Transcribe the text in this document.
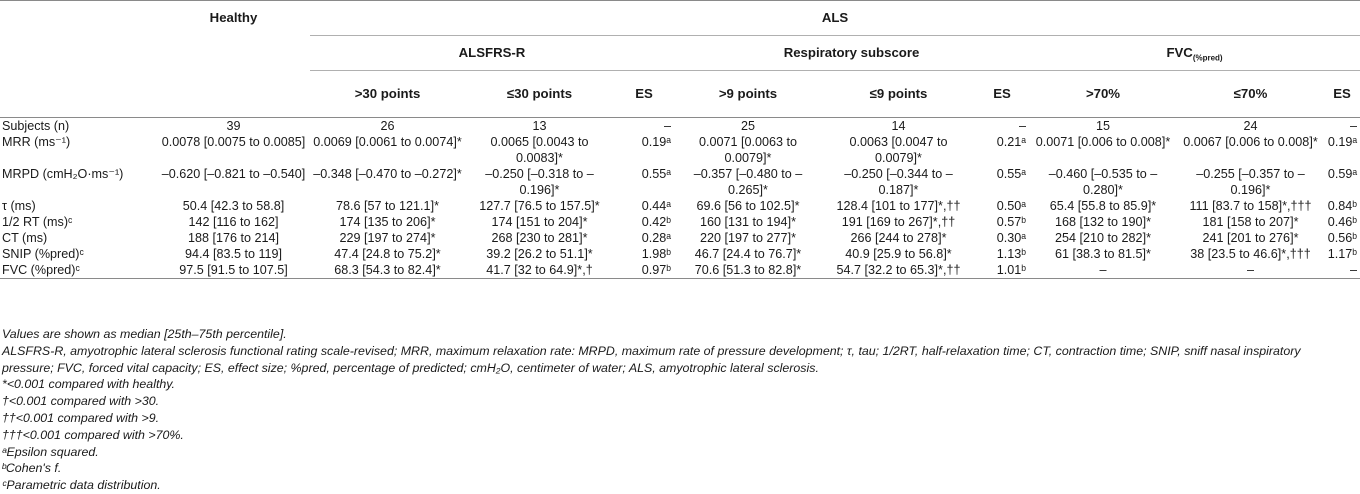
	Healthy	ALS								
		ALSFRS-R			Respiratory subscore			$FVC_{(\%pred)}$
		>30 points	≤30 points	ES	>9 points	≤9 points	ES	>70%	≤70%	ES
Subjects (n)	39	26	13	–	25	14	–	15	24	–
MRR (ms⁻¹)	0.0078 [0.0075 to 0.0085]	0.0069 [0.0061 to 0.0074]*	0.0065 [0.0043 to 0.0083]*	0.19ᵃ	0.0071 [0.0063 to 0.0079]*	0.0063 [0.0047 to 0.0079]*	0.21ᵃ	0.0071 [0.006 to 0.008]*	0.0067 [0.006 to 0.008]*	0.19ᵃ
MRPD (cmH₂O·ms⁻¹)	–0.620 [–0.821 to –0.540]	–0.348 [–0.470 to –0.272]*	–0.250 [–0.318 to –0.196]*	0.55ᵃ	–0.357 [–0.480 to –0.265]*	–0.250 [–0.344 to –0.187]*	0.55ᵃ	–0.460 [–0.535 to –0.280]*	–0.255 [–0.357 to –0.196]*	0.59ᵃ
τ (ms)	50.4 [42.3 to 58.8]	78.6 [57 to 121.1]*	127.7 [76.5 to 157.5]*	0.44ᵃ	69.6 [56 to 102.5]*	128.4 [101 to 177]*,††	0.50ᵃ	65.4 [55.8 to 85.9]*	111 [83.7 to 158]*,†††	0.84ᵇ
1/2 RT (ms)ᶜ	142 [116 to 162]	174 [135 to 206]*	174 [151 to 204]*	0.42ᵇ	160 [131 to 194]*	191 [169 to 267]*,††	0.57ᵇ	168 [132 to 190]*	181 [158 to 207]*	0.46ᵇ
CT (ms)	188 [176 to 214]	229 [197 to 274]*	268 [230 to 281]*	0.28ᵃ	220 [197 to 277]*	266 [244 to 278]*	0.30ᵃ	254 [210 to 282]*	241 [201 to 276]*	0.56ᵇ
SNIP (%pred)ᶜ	94.4 [83.5 to 119]	47.4 [24.8 to 75.2]*	39.2 [26.2 to 51.1]*	1.98ᵇ	46.7 [24.4 to 76.7]*	40.9 [25.9 to 56.8]*	1.13ᵇ	61 [38.3 to 81.5]*	38 [23.5 to 46.6]*,†††	1.17ᵇ
FVC (%pred)ᶜ	97.5 [91.5 to 107.5]	68.3 [54.3 to 82.4]*	41.7 [32 to 64.9]*,†	0.97ᵇ	70.6 [51.3 to 82.8]*	54.7 [32.2 to 65.3]*,††	1.01ᵇ	–	–	–
Values are shown as median [25th–75th percentile].
ALSFRS-R, amyotrophic lateral sclerosis functional rating scale-revised; MRR, maximum relaxation rate: MRPD, maximum rate of pressure development; τ, tau; 1/2RT, half-relaxation time; CT, contraction time; SNIP, sniff nasal inspiratory pressure; FVC, forced vital capacity; ES, effect size; %pred, percentage of predicted; cmH₂O, centimeter of water; ALS, amyotrophic lateral sclerosis.
*<0.001 compared with healthy.
†<0.001 compared with >30.
††<0.001 compared with >9.
†††<0.001 compared with >70%.
ᵃEpsilon squared.
ᵇCohen's f.
ᶜParametric data distribution.
